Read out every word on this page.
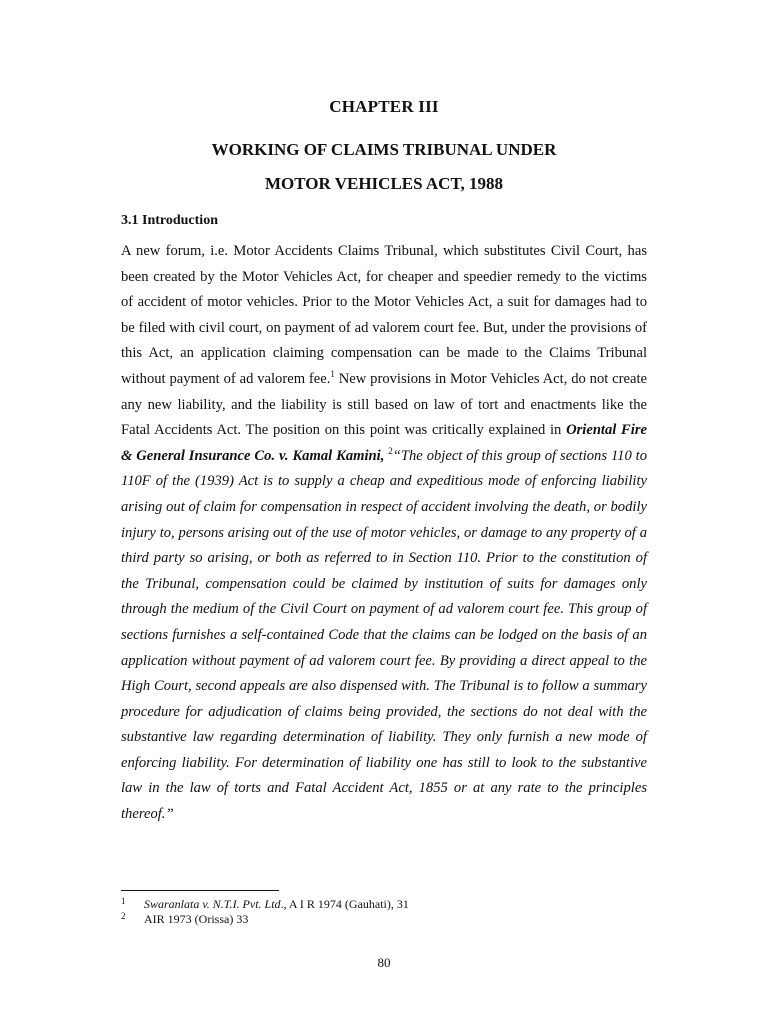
CHAPTER III
WORKING OF CLAIMS TRIBUNAL UNDER
MOTOR VEHICLES ACT, 1988
3.1 Introduction

A new forum, i.e. Motor Accidents Claims Tribunal, which substitutes Civil Court, has been created by the Motor Vehicles Act, for cheaper and speedier remedy to the victims of accident of motor vehicles. Prior to the Motor Vehicles Act, a suit for damages had to be filed with civil court, on payment of ad valorem court fee. But, under the provisions of this Act, an application claiming compensation can be made to the Claims Tribunal without payment of ad valorem fee.$^1$ New provisions in Motor Vehicles Act, do not create any new liability, and the liability is still based on law of tort and enactments like the Fatal Accidents Act. The position on this point was critically explained in Oriental Fire & General Insurance Co. v. Kamal Kamini, $^2$“The object of this group of sections 110 to 110F of the (1939) Act is to supply a cheap and expeditious mode of enforcing liability arising out of claim for compensation in respect of accident involving the death, or bodily injury to, persons arising out of the use of motor vehicles, or damage to any property of a third party so arising, or both as referred to in Section 110. Prior to the constitution of the Tribunal, compensation could be claimed by institution of suits for damages only through the medium of the Civil Court on payment of ad valorem court fee. This group of sections furnishes a self-contained Code that the claims can be lodged on the basis of an application without payment of ad valorem court fee. By providing a direct appeal to the High Court, second appeals are also dispensed with. The Tribunal is to follow a summary procedure for adjudication of claims being provided, the sections do not deal with the substantive law regarding determination of liability. They only furnish a new mode of enforcing liability. For determination of liability one has still to look to the substantive law in the law of torts and Fatal Accident Act, 1855 or at any rate to the principles thereof.”

1 Swaranlata v. N.T.I. Pvt. Ltd., A I R 1974 (Gauhati), 31
2 AIR 1973 (Orissa) 33
80
